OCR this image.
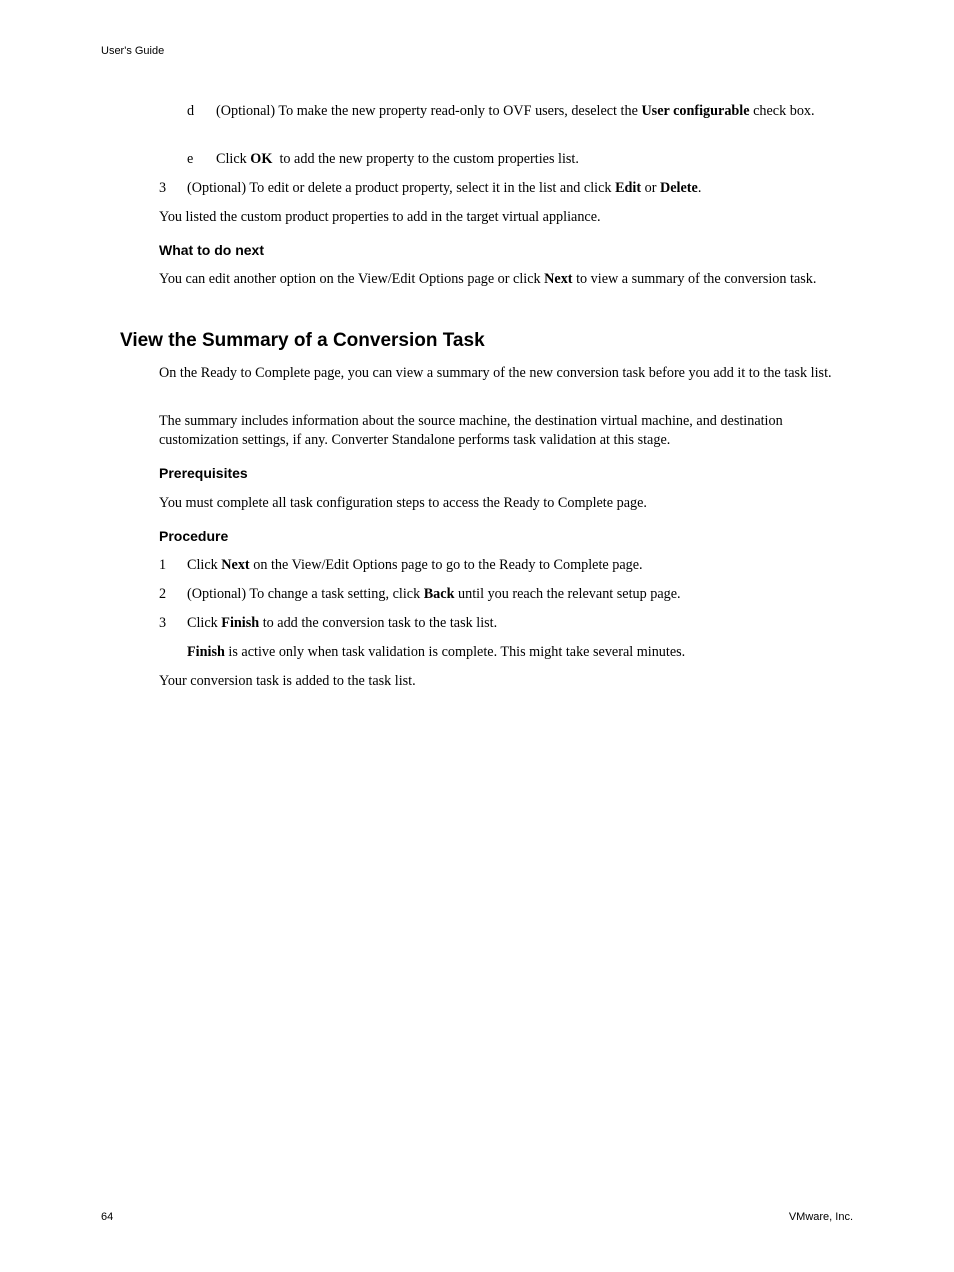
User's Guide
d (Optional) To make the new property read-only to OVF users, deselect the User configurable check box.
e Click OK  to add the new property to the custom properties list.
3 (Optional) To edit or delete a product property, select it in the list and click Edit or Delete.
You listed the custom product properties to add in the target virtual appliance.
What to do next
You can edit another option on the View/Edit Options page or click Next to view a summary of the conversion task.
View the Summary of a Conversion Task
On the Ready to Complete page, you can view a summary of the new conversion task before you add it to the task list.
The summary includes information about the source machine, the destination virtual machine, and destination customization settings, if any. Converter Standalone performs task validation at this stage.
Prerequisites
You must complete all task configuration steps to access the Ready to Complete page.
Procedure
1 Click Next on the View/Edit Options page to go to the Ready to Complete page.
2 (Optional) To change a task setting, click Back until you reach the relevant setup page.
3 Click Finish to add the conversion task to the task list.
Finish is active only when task validation is complete. This might take several minutes.
Your conversion task is added to the task list.
64	VMware, Inc.
